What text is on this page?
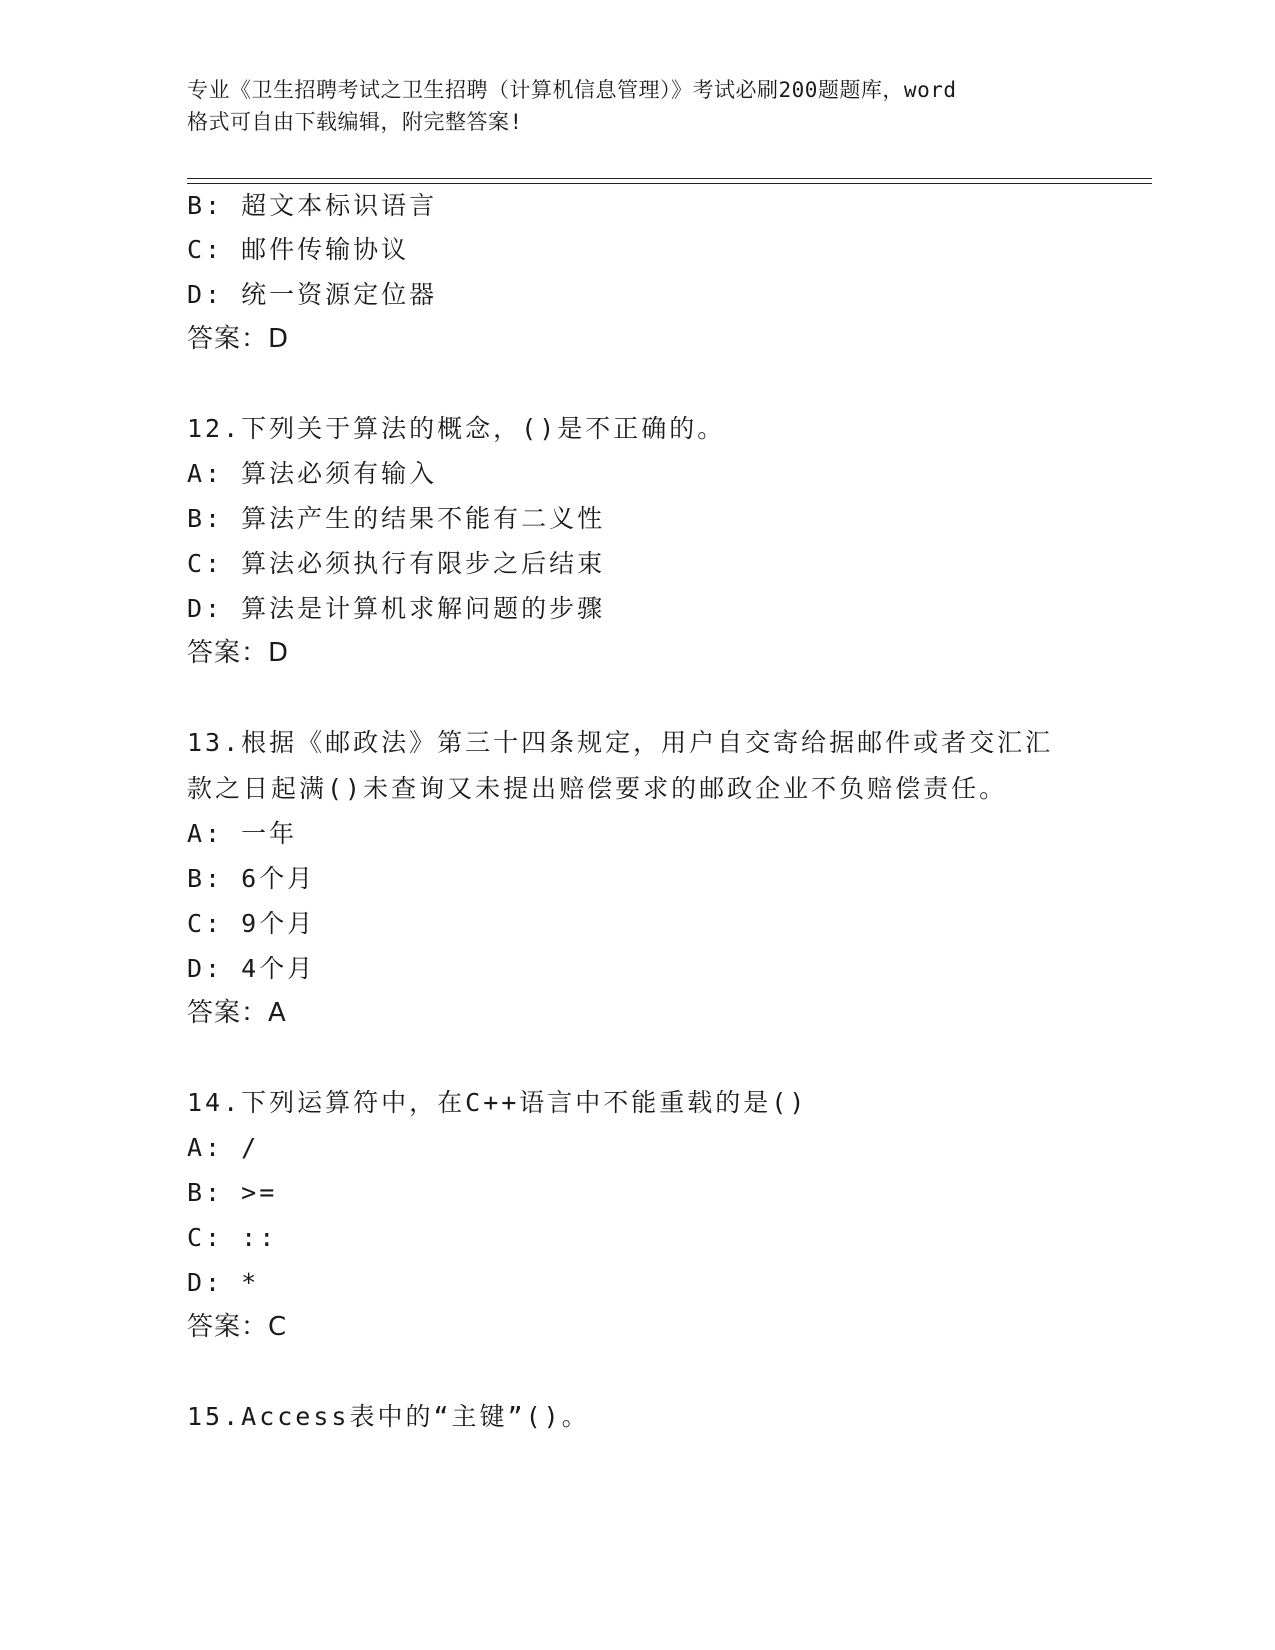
专业《卫生招聘考试之卫生招聘（计算机信息管理）》考试必刷200题题库，word
格式可自由下载编辑，附完整答案!
B: 超文本标识语言
C: 邮件传输协议
D: 统一资源定位器
答案：D
12.下列关于算法的概念，()是不正确的。
A: 算法必须有输入
B: 算法产生的结果不能有二义性
C: 算法必须执行有限步之后结束
D: 算法是计算机求解问题的步骤
答案：D
13.根据《邮政法》第三十四条规定，用户自交寄给据邮件或者交汇汇
款之日起满()未查询又未提出赔偿要求的邮政企业不负赔偿责任。
A: 一年
B: 6个月
C: 9个月
D: 4个月
答案：A
14.下列运算符中，在C++语言中不能重载的是()
A: /
B: >=
C: ::
D: *
答案：C
15.Access表中的“主键”()。
